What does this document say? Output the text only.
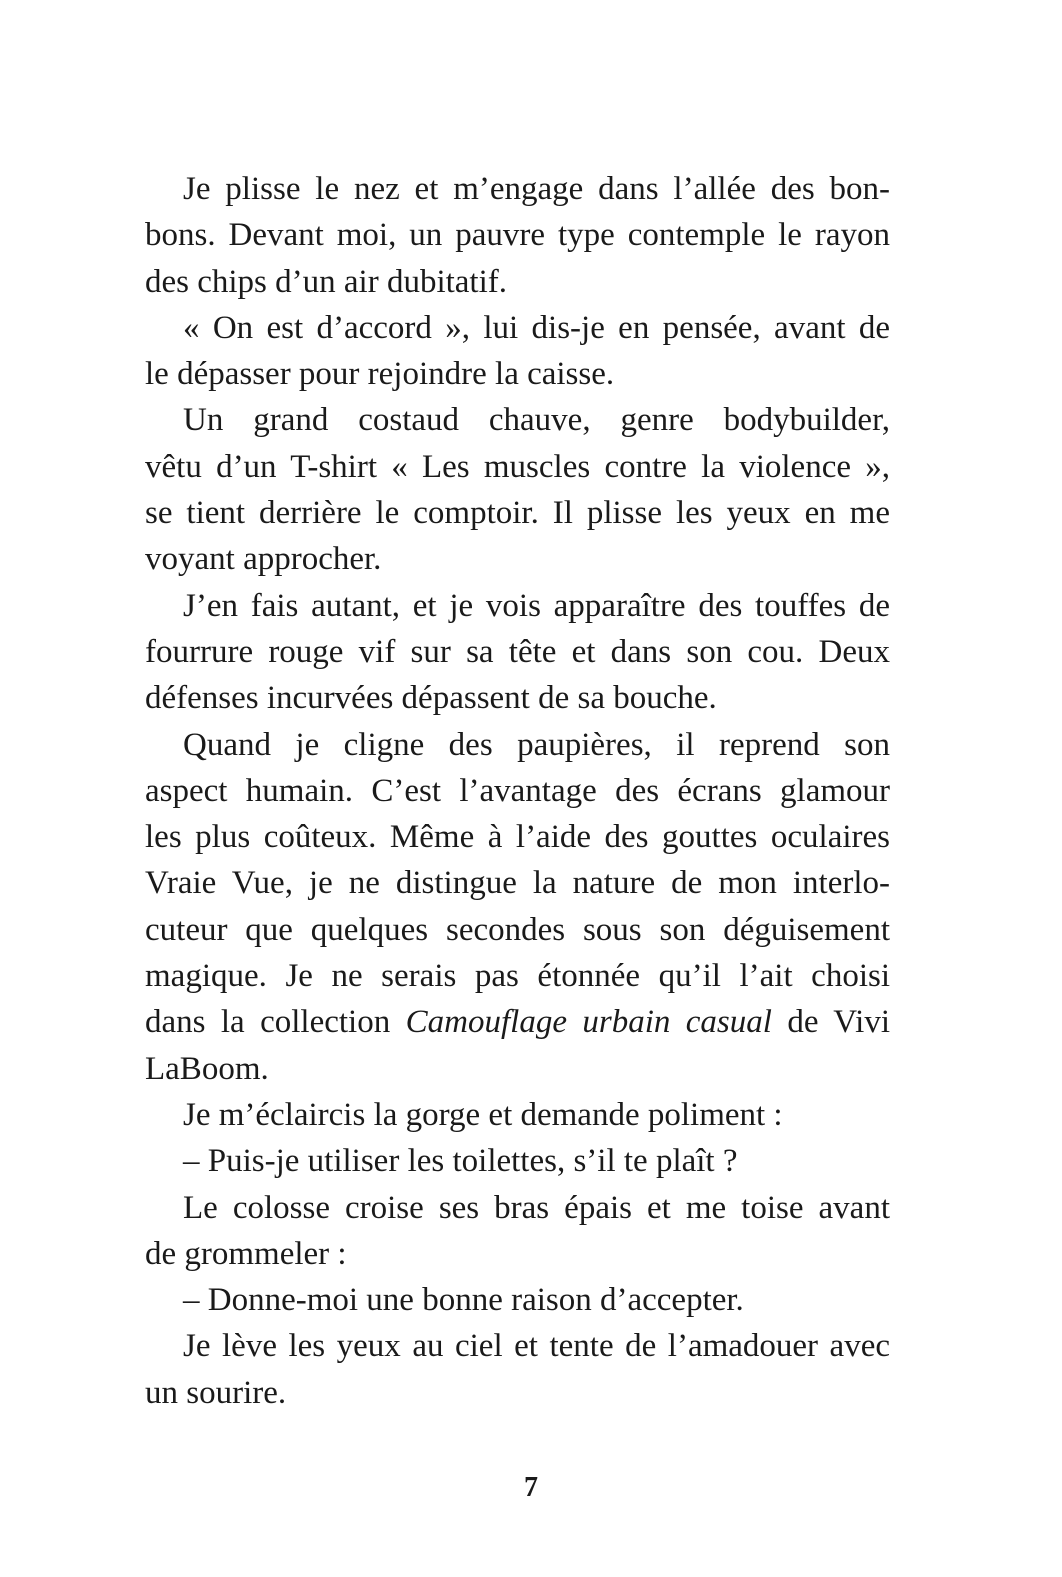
Je plisse le nez et m’engage dans l’allée des bon-
bons. Devant moi, un pauvre type contemple le rayon
des chips d’un air dubitatif.
« On est d’accord », lui dis-je en pensée, avant de
le dépasser pour rejoindre la caisse.
Un grand costaud chauve, genre bodybuilder,
vêtu d’un T-shirt « Les muscles contre la violence »,
se tient derrière le comptoir. Il plisse les yeux en me
voyant approcher.
J’en fais autant, et je vois apparaître des touffes de
fourrure rouge vif sur sa tête et dans son cou. Deux
défenses incurvées dépassent de sa bouche.
Quand je cligne des paupières, il reprend son
aspect humain. C’est l’avantage des écrans glamour
les plus coûteux. Même à l’aide des gouttes oculaires
Vraie Vue, je ne distingue la nature de mon interlo-
cuteur que quelques secondes sous son déguisement
magique. Je ne serais pas étonnée qu’il l’ait choisi
dans la collection Camouflage urbain casual de Vivi
LaBoom.
Je m’éclaircis la gorge et demande poliment :
– Puis-je utiliser les toilettes, s’il te plaît ?
Le colosse croise ses bras épais et me toise avant
de grommeler :
– Donne-moi une bonne raison d’accepter.
Je lève les yeux au ciel et tente de l’amadouer avec
un sourire.
7
